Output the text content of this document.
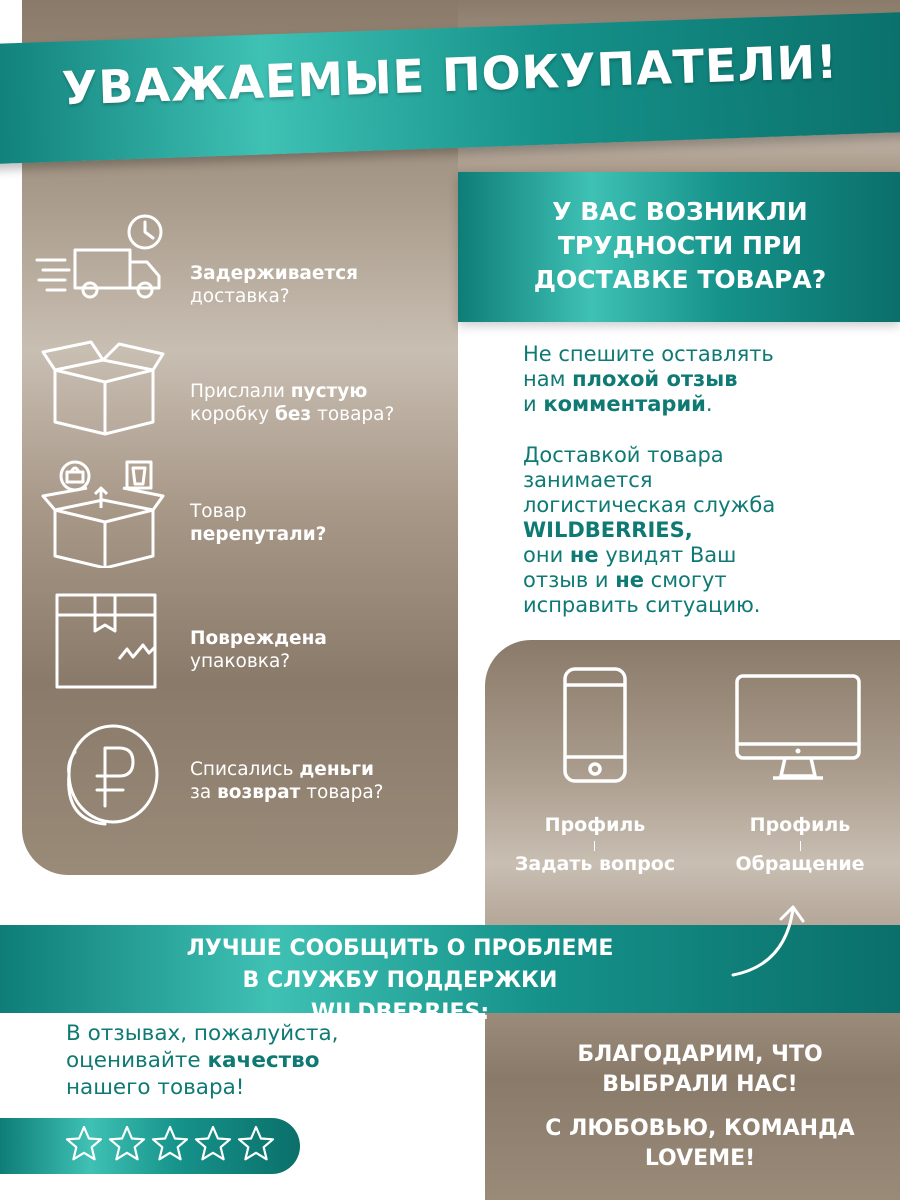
УВАЖАЕМЫЕ ПОКУПАТЕЛИ!
У ВАС ВОЗНИКЛИ
ТРУДНОСТИ ПРИ
ДОСТАВКЕ ТОВАРА?
Задерживается
доставка?
Прислали пустую
коробку без товара?
Товар
перепутали?
Повреждена
упаковка?
Списались деньги
за возврат товара?
Не спешите оставлять
нам плохой отзыв
и комментарий.
Доставкой товара
занимается
логистическая служба
WILDBERRIES,
они не увидят Ваш
отзыв и не смогут
исправить ситуацию.
Профиль
Задать вопрос
Профиль
Обращение
ЛУЧШЕ СООБЩИТЬ О ПРОБЛЕМЕ
В СЛУЖБУ ПОДДЕРЖКИ WILDBERRIES:
В отзывах, пожалуйста,
оценивайте качество
нашего товара!
БЛАГОДАРИМ, ЧТО
ВЫБРАЛИ НАС!
С ЛЮБОВЬЮ, КОМАНДА
LOVEME!
